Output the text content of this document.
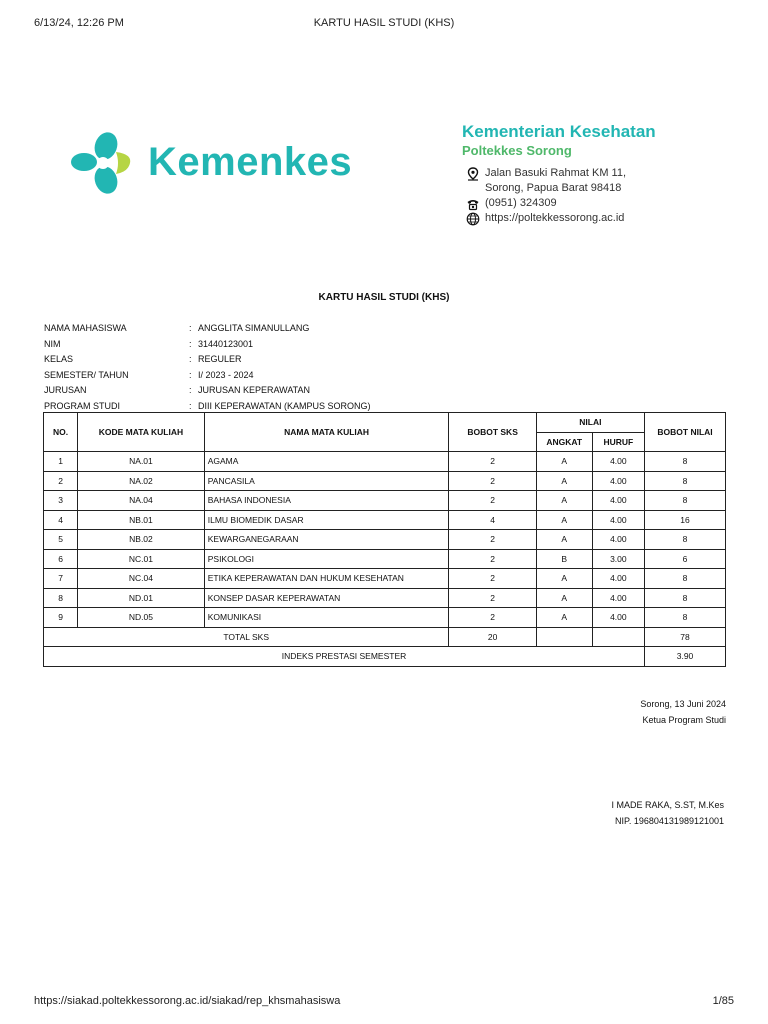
6/13/24, 12:26 PM	KARTU HASIL STUDI (KHS)
Kemenkes
Kementerian Kesehatan
Poltekkes Sorong
Jalan Basuki Rahmat KM 11,
Sorong, Papua Barat 98418
(0951) 324309
https://poltekkessorong.ac.id
KARTU HASIL STUDI (KHS)
NAMA MAHASISWA	: ANGGLITA SIMANULLANG
NIM	: 31440123001
KELAS	: REGULER
SEMESTER/ TAHUN	: I/ 2023 - 2024
JURUSAN	: JURUSAN KEPERAWATAN
PROGRAM STUDI	: DIII KEPERAWATAN (KAMPUS SORONG)
NO.	KODE MATA KULIAH	NAMA MATA KULIAH	BOBOT SKS	NILAI		BOBOT NILAI
				ANGKAT	HURUF	
1	NA.01	AGAMA	2	A	4.00	8
2	NA.02	PANCASILA	2	A	4.00	8
3	NA.04	BAHASA INDONESIA	2	A	4.00	8
4	NB.01	ILMU BIOMEDIK DASAR	4	A	4.00	16
5	NB.02	KEWARGANEGARAAN	2	A	4.00	8
6	NC.01	PSIKOLOGI	2	B	3.00	6
7	NC.04	ETIKA KEPERAWATAN DAN HUKUM KESEHATAN	2	A	4.00	8
8	ND.01	KONSEP DASAR KEPERAWATAN	2	A	4.00	8
9	ND.05	KOMUNIKASI	2	A	4.00	8
TOTAL SKS			20			78
INDEKS PRESTASI SEMESTER						3.90
Sorong, 13 Juni 2024
Ketua Program Studi
I MADE RAKA, S.ST, M.Kes
NIP. 196804131989121001
https://siakad.poltekkessorong.ac.id/siakad/rep_khsmahasiswa	1/85
